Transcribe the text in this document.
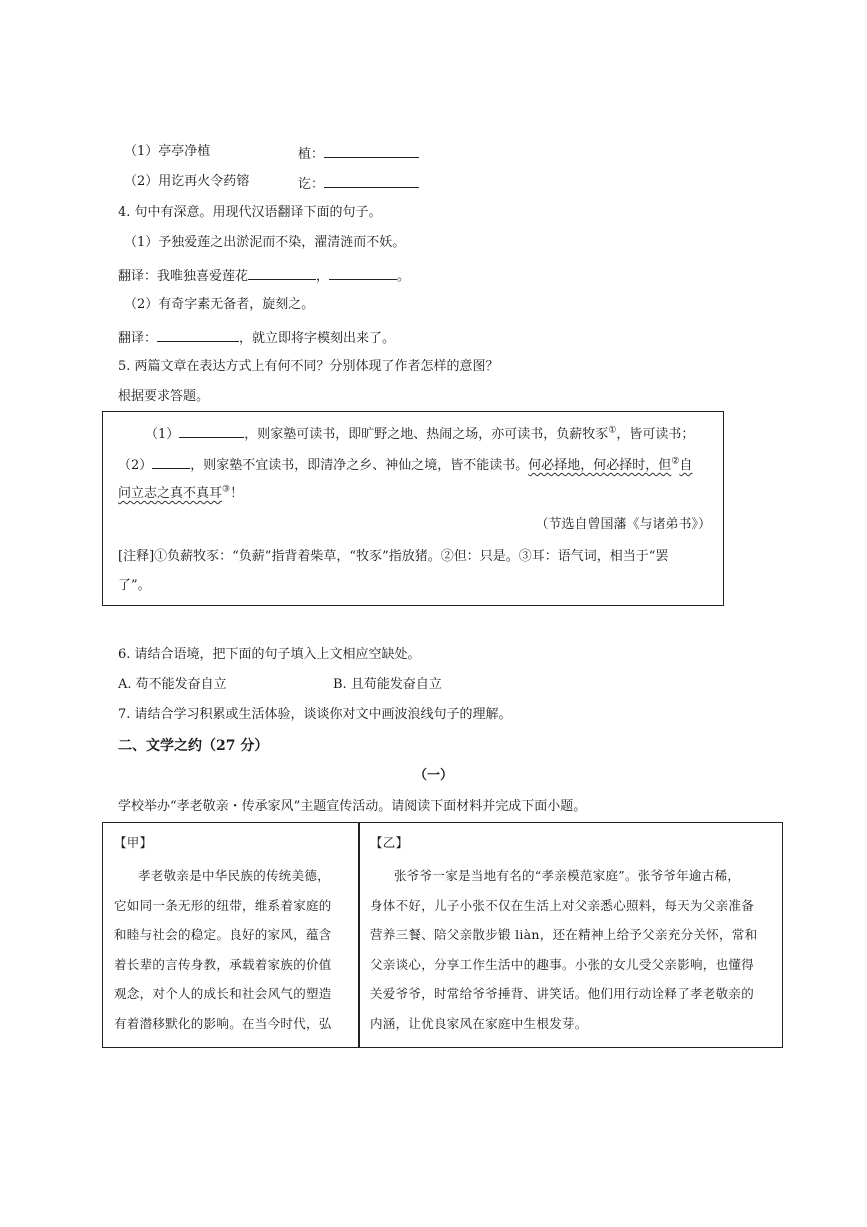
（1）亭亭净植	植：
（2）用讫再火令药镕	讫：
4. 句中有深意。用现代汉语翻译下面的句子。
（1）予独爱莲之出淤泥而不染，濯清涟而不妖。
翻译：我唯独喜爱莲花	，	。
（2）有奇字素无备者，旋刻之。
翻译：	，就立即将字模刻出来了。
5. 两篇文章在表达方式上有何不同？分别体现了作者怎样的意图？
根据要求答题。
（1）	，则家塾可读书，即旷野之地、热闹之场，亦可读书，负薪牧豕①，皆可读书；
（2）	，则家塾不宜读书，即清净之乡、神仙之境，皆不能读书。何必择地，何必择时，但②自
问立志之真不真耳③！
（节选自曾国藩《与诸弟书》）
[注释]①负薪牧豕：“负薪”指背着柴草，“牧豕”指放猪。②但：只是。③耳：语气词，相当于“罢
了”。
6. 请结合语境，把下面的句子填入上文相应空缺处。
A. 苟不能发奋自立	B. 且苟能发奋自立
7. 请结合学习积累或生活体验，谈谈你对文中画波浪线句子的理解。
二、文学之约（27 分）
（一）
学校举办“孝老敬亲・传承家风”主题宣传活动。请阅读下面材料并完成下面小题。
【甲】
孝老敬亲是中华民族的传统美德，
它如同一条无形的纽带，维系着家庭的
和睦与社会的稳定。良好的家风，蕴含
着长辈的言传身教，承载着家族的价值
观念，对个人的成长和社会风气的塑造
有着潜移默化的影响。在当今时代，弘
【乙】
张爷爷一家是当地有名的“孝亲模范家庭”。张爷爷年逾古稀，
身体不好，儿子小张不仅在生活上对父亲悉心照料，每天为父亲准备
营养三餐、陪父亲散步锻 liàn，还在精神上给予父亲充分关怀，常和
父亲谈心，分享工作生活中的趣事。小张的女儿受父亲影响，也懂得
关爱爷爷，时常给爷爷捶背、讲笑话。他们用行动诠释了孝老敬亲的
内涵，让优良家风在家庭中生根发芽。
